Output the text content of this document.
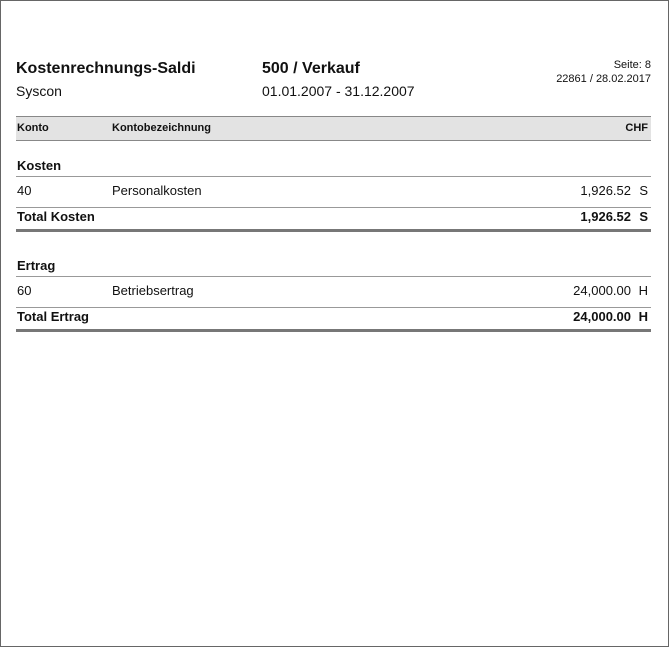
Kostenrechnungs-Saldi
Syscon
500 / Verkauf
01.01.2007 - 31.12.2007
Seite: 8
22861 / 28.02.2017
Konto	Kontobezeichnung	CHF
Kosten
40	Personalkosten	1,926.52 S
Total Kosten	1,926.52 S
Ertrag
60	Betriebsertrag	24,000.00 H
Total Ertrag	24,000.00 H
